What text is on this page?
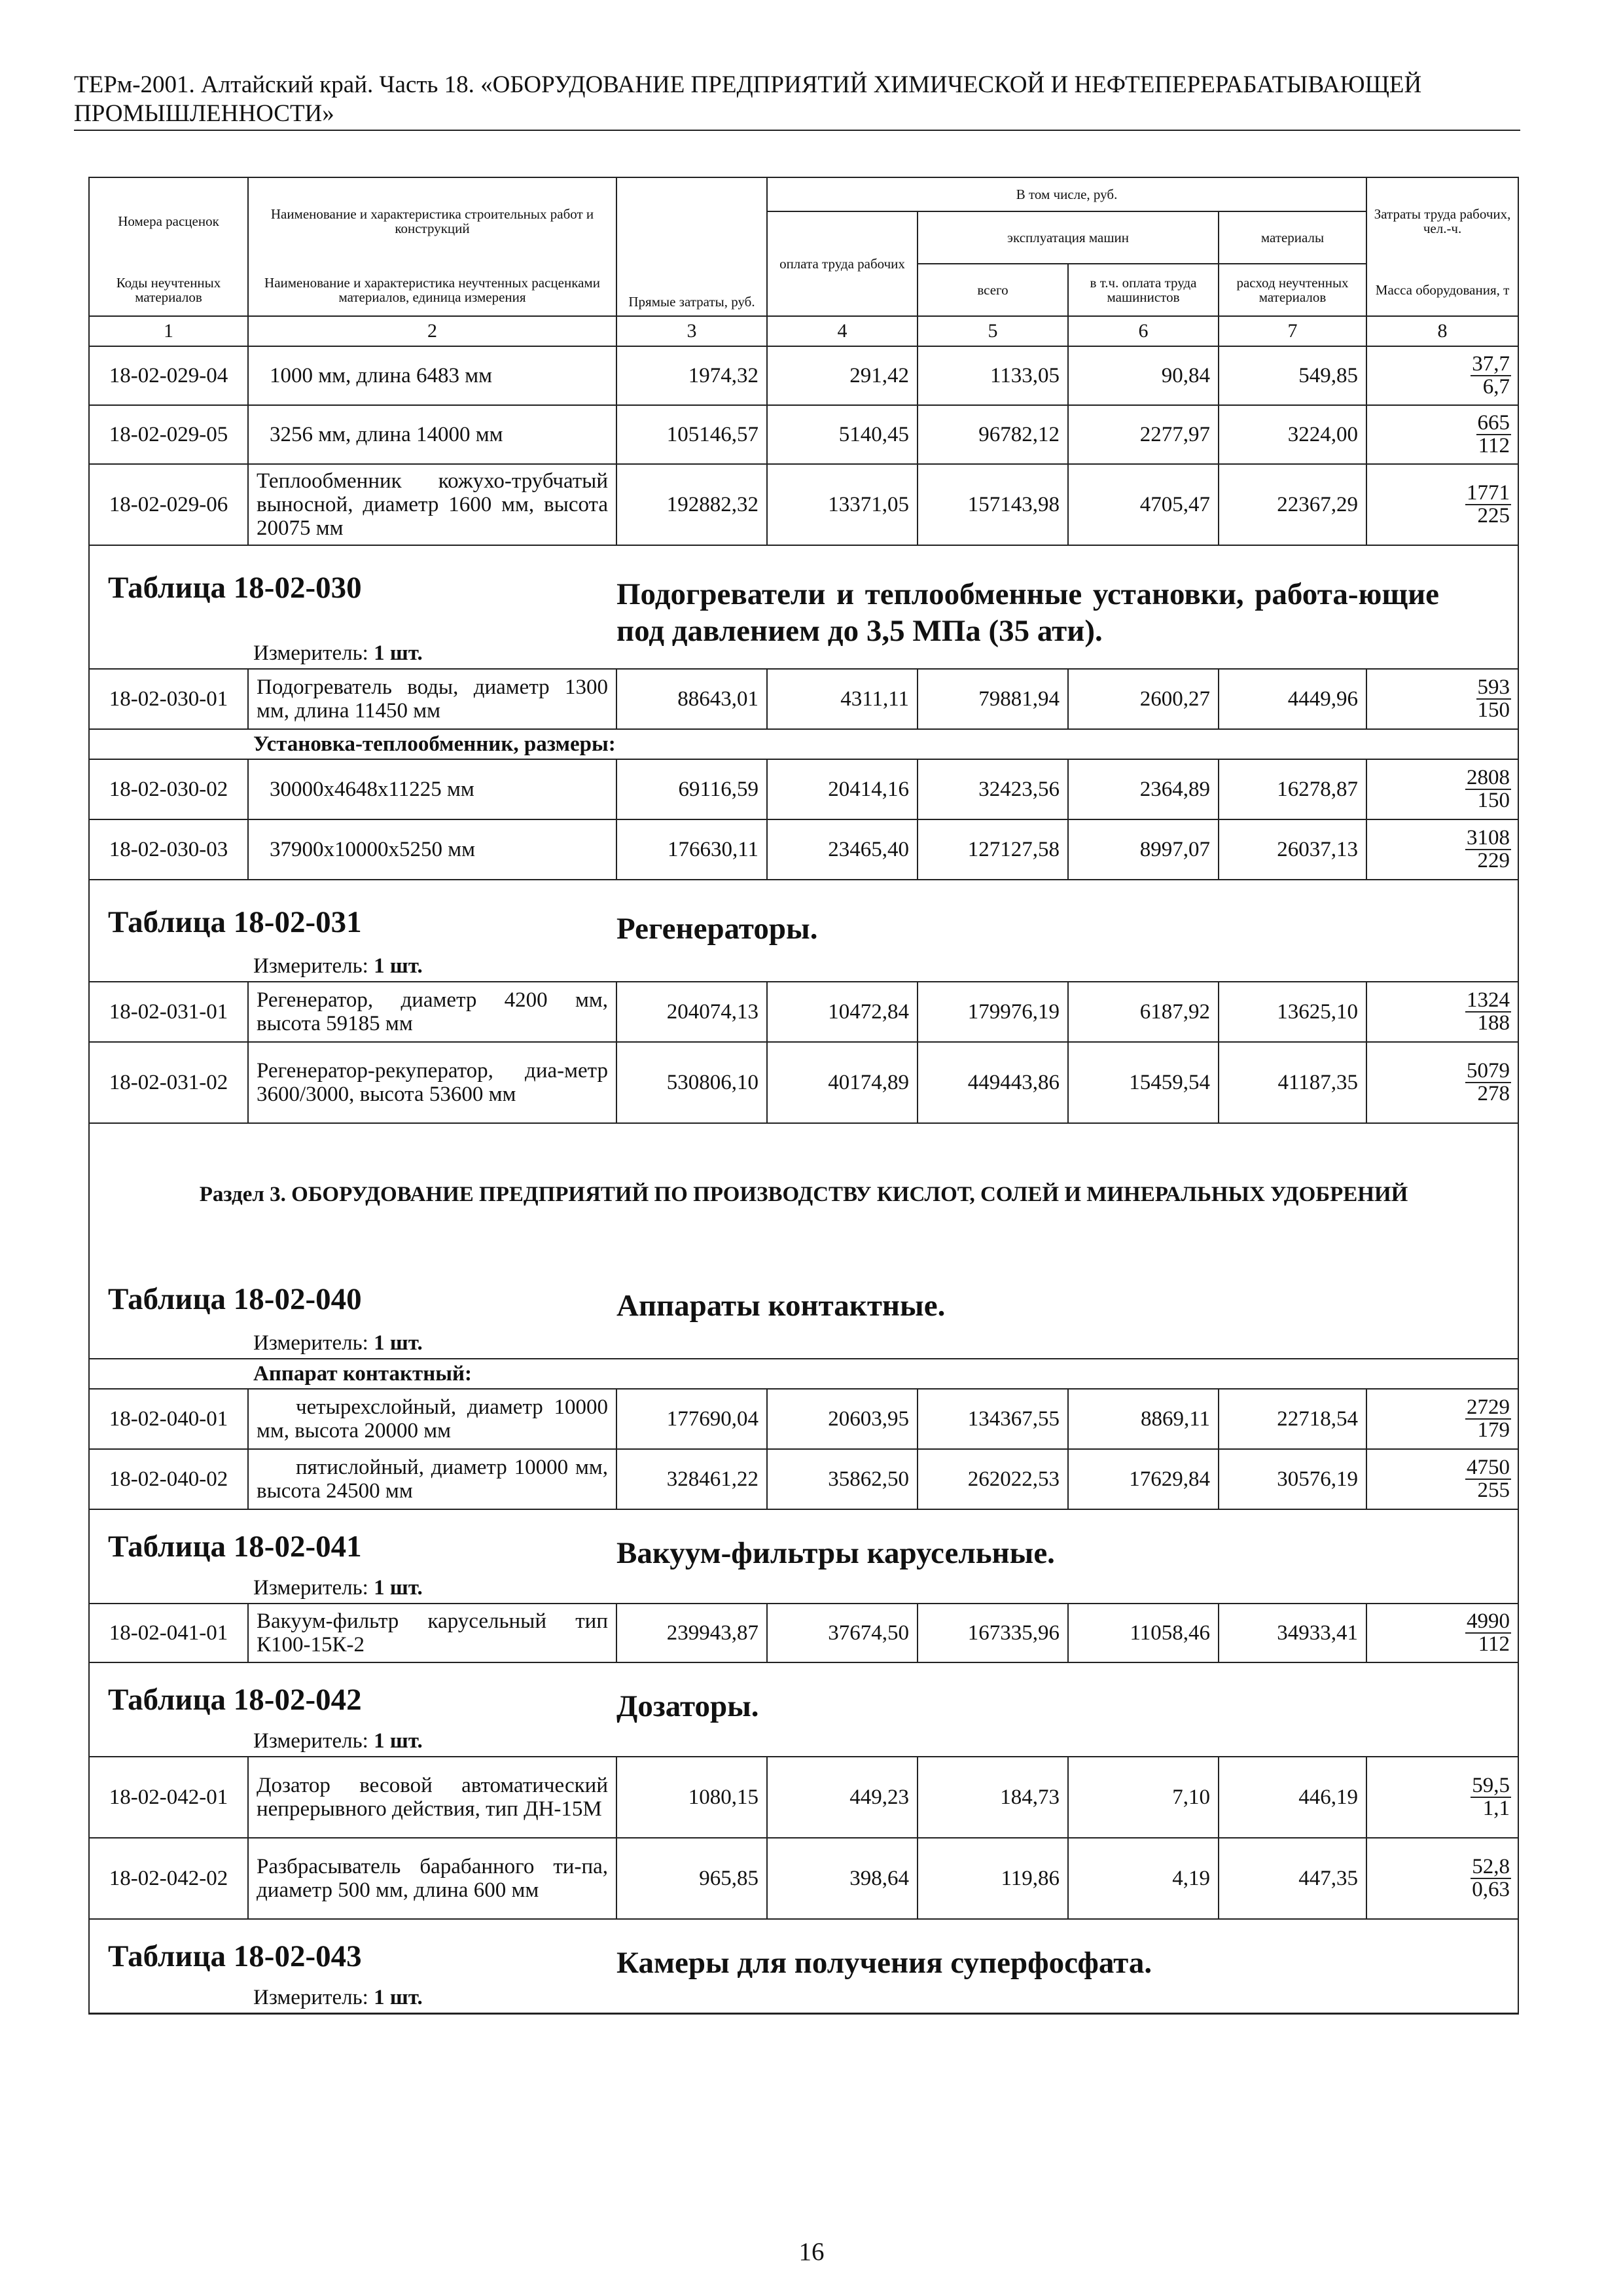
ТЕРм-2001. Алтайский край. Часть 18. «ОБОРУДОВАНИЕ ПРЕДПРИЯТИЙ ХИМИЧЕСКОЙ И НЕФТЕПЕРЕРАБАТЫВАЮЩЕЙ ПРОМЫШЛЕННОСТИ»
Номера расценок	Наименование и характеристика строительных работ и конструкций	Прямые затраты, руб.	В том числе, руб.				Затраты труда рабочих, чел.-ч.
			оплата труда рабочих	эксплуатация машин		материалы	
Коды неучтенных материалов	Наименование и характеристика неучтенных расценками материалов, единица измерения			всего	в т.ч. оплата труда машинистов	расход неучтенных материалов	Масса оборудования, т
1	2	3	4	5	6	7	8
18-02-029-04	1000 мм, длина 6483 мм	1974,32	291,42	1133,05	90,84	549,85	$\frac{37,7}{6,7}$

18-02-029-05	3256 мм, длина 14000 мм	105146,57	5140,45	96782,12	2277,97	3224,00	$\frac{665}{112}$

18-02-029-06	Теплообменник кожухо-трубчатый выносной, диаметр 1600 мм, высота 20075 мм	192882,32	13371,05	157143,98	4705,47	22367,29	$\frac{1771}{225}$

Таблица 18-02-030 Подогреватели и теплообменные установки, работа-ющие под давлением до 3,5 МПа (35 ати).							

Измеритель: 1 шт.							
18-02-030-01	Подогреватель воды, диаметр 1300 мм, длина 11450 мм	88643,01	4311,11	79881,94	2600,27	4449,96	$\frac{593}{150}$

Установка-теплообменник, размеры:							
18-02-030-02	30000х4648х11225 мм	69116,59	20414,16	32423,56	2364,89	16278,87	$\frac{2808}{150}$

18-02-030-03	37900х10000х5250 мм	176630,11	23465,40	127127,58	8997,07	26037,13	$\frac{3108}{229}$

Таблица 18-02-031 Регенераторы.							

Измеритель: 1 шт.							
18-02-031-01	Регенератор, диаметр 4200 мм, высота 59185 мм	204074,13	10472,84	179976,19	6187,92	13625,10	$\frac{1324}{188}$

18-02-031-02	Регенератор-рекуператор, диа-метр 3600/3000, высота 53600 мм	530806,10	40174,89	449443,86	15459,54	41187,35	$\frac{5079}{278}$

Раздел 3. ОБОРУДОВАНИЕ ПРЕДПРИЯТИЙ ПО ПРОИЗВОДСТВУ КИСЛОТ, СОЛЕЙ И МИНЕРАЛЬНЫХ УДОБРЕНИЙ							

Таблица 18-02-040 Аппараты контактные.							

Измеритель: 1 шт.							
Аппарат контактный:							
18-02-040-01	четырехслойный, диаметр 10000 мм, высота 20000 мм	177690,04	20603,95	134367,55	8869,11	22718,54	$\frac{2729}{179}$

18-02-040-02	пятислойный, диаметр 10000 мм, высота 24500 мм	328461,22	35862,50	262022,53	17629,84	30576,19	$\frac{4750}{255}$

Таблица 18-02-041 Вакуум-фильтры карусельные.							

Измеритель: 1 шт.							
18-02-041-01	Вакуум-фильтр карусельный тип К100-15К-2	239943,87	37674,50	167335,96	11058,46	34933,41	$\frac{4990}{112}$

Таблица 18-02-042 Дозаторы.							

Измеритель: 1 шт.							
18-02-042-01	Дозатор весовой автоматический непрерывного действия, тип ДН-15М	1080,15	449,23	184,73	7,10	446,19	$\frac{59,5}{1,1}$

18-02-042-02	Разбрасыватель барабанного ти-па, диаметр 500 мм, длина 600 мм	965,85	398,64	119,86	4,19	447,35	$\frac{52,8}{0,63}$

Таблица 18-02-043 Камеры для получения суперфосфата.							

Измеритель: 1 шт.							
16
